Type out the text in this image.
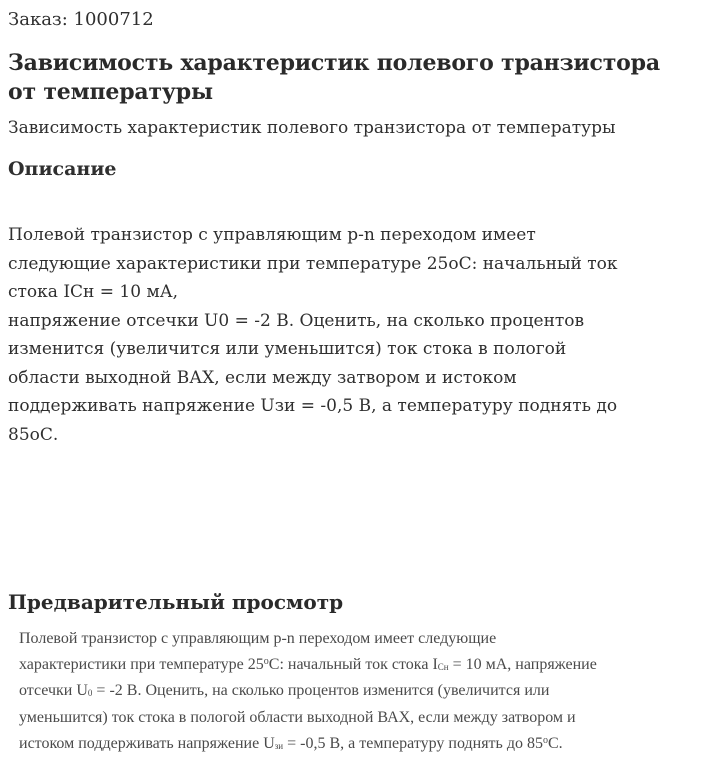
Заказ: 1000712
Зависимость характеристик полевого транзистора от температуры
Зависимость характеристик полевого транзистора от температуры
Описание
Полевой транзистор с управляющим p-n переходом имеет
следующие характеристики при температуре 25оС: начальный ток
стока IСн = 10 мА,
напряжение отсечки U0 = -2 В. Оценить, на сколько процентов
изменится (увеличится или уменьшится) ток стока в пологой
области выходной ВАХ, если между затвором и истоком
поддерживать напряжение Uзи = -0,5 В, а температуру поднять до
85оС.
Предварительный просмотр
Полевой транзистор с управляющим p-n переходом имеет следующие
характеристики при температуре $25^оС$: начальный ток стока $I_{Сн} = 10$ мА, напряжение
отсечки $U_0 = -2$ В. Оценить, на сколько процентов изменится (увеличится или
уменьшится) ток стока в пологой области выходной ВАХ, если между затвором и
истоком поддерживать напряжение $U_{зи} = -0,5$ В, а температуру поднять до $85^оС$.
